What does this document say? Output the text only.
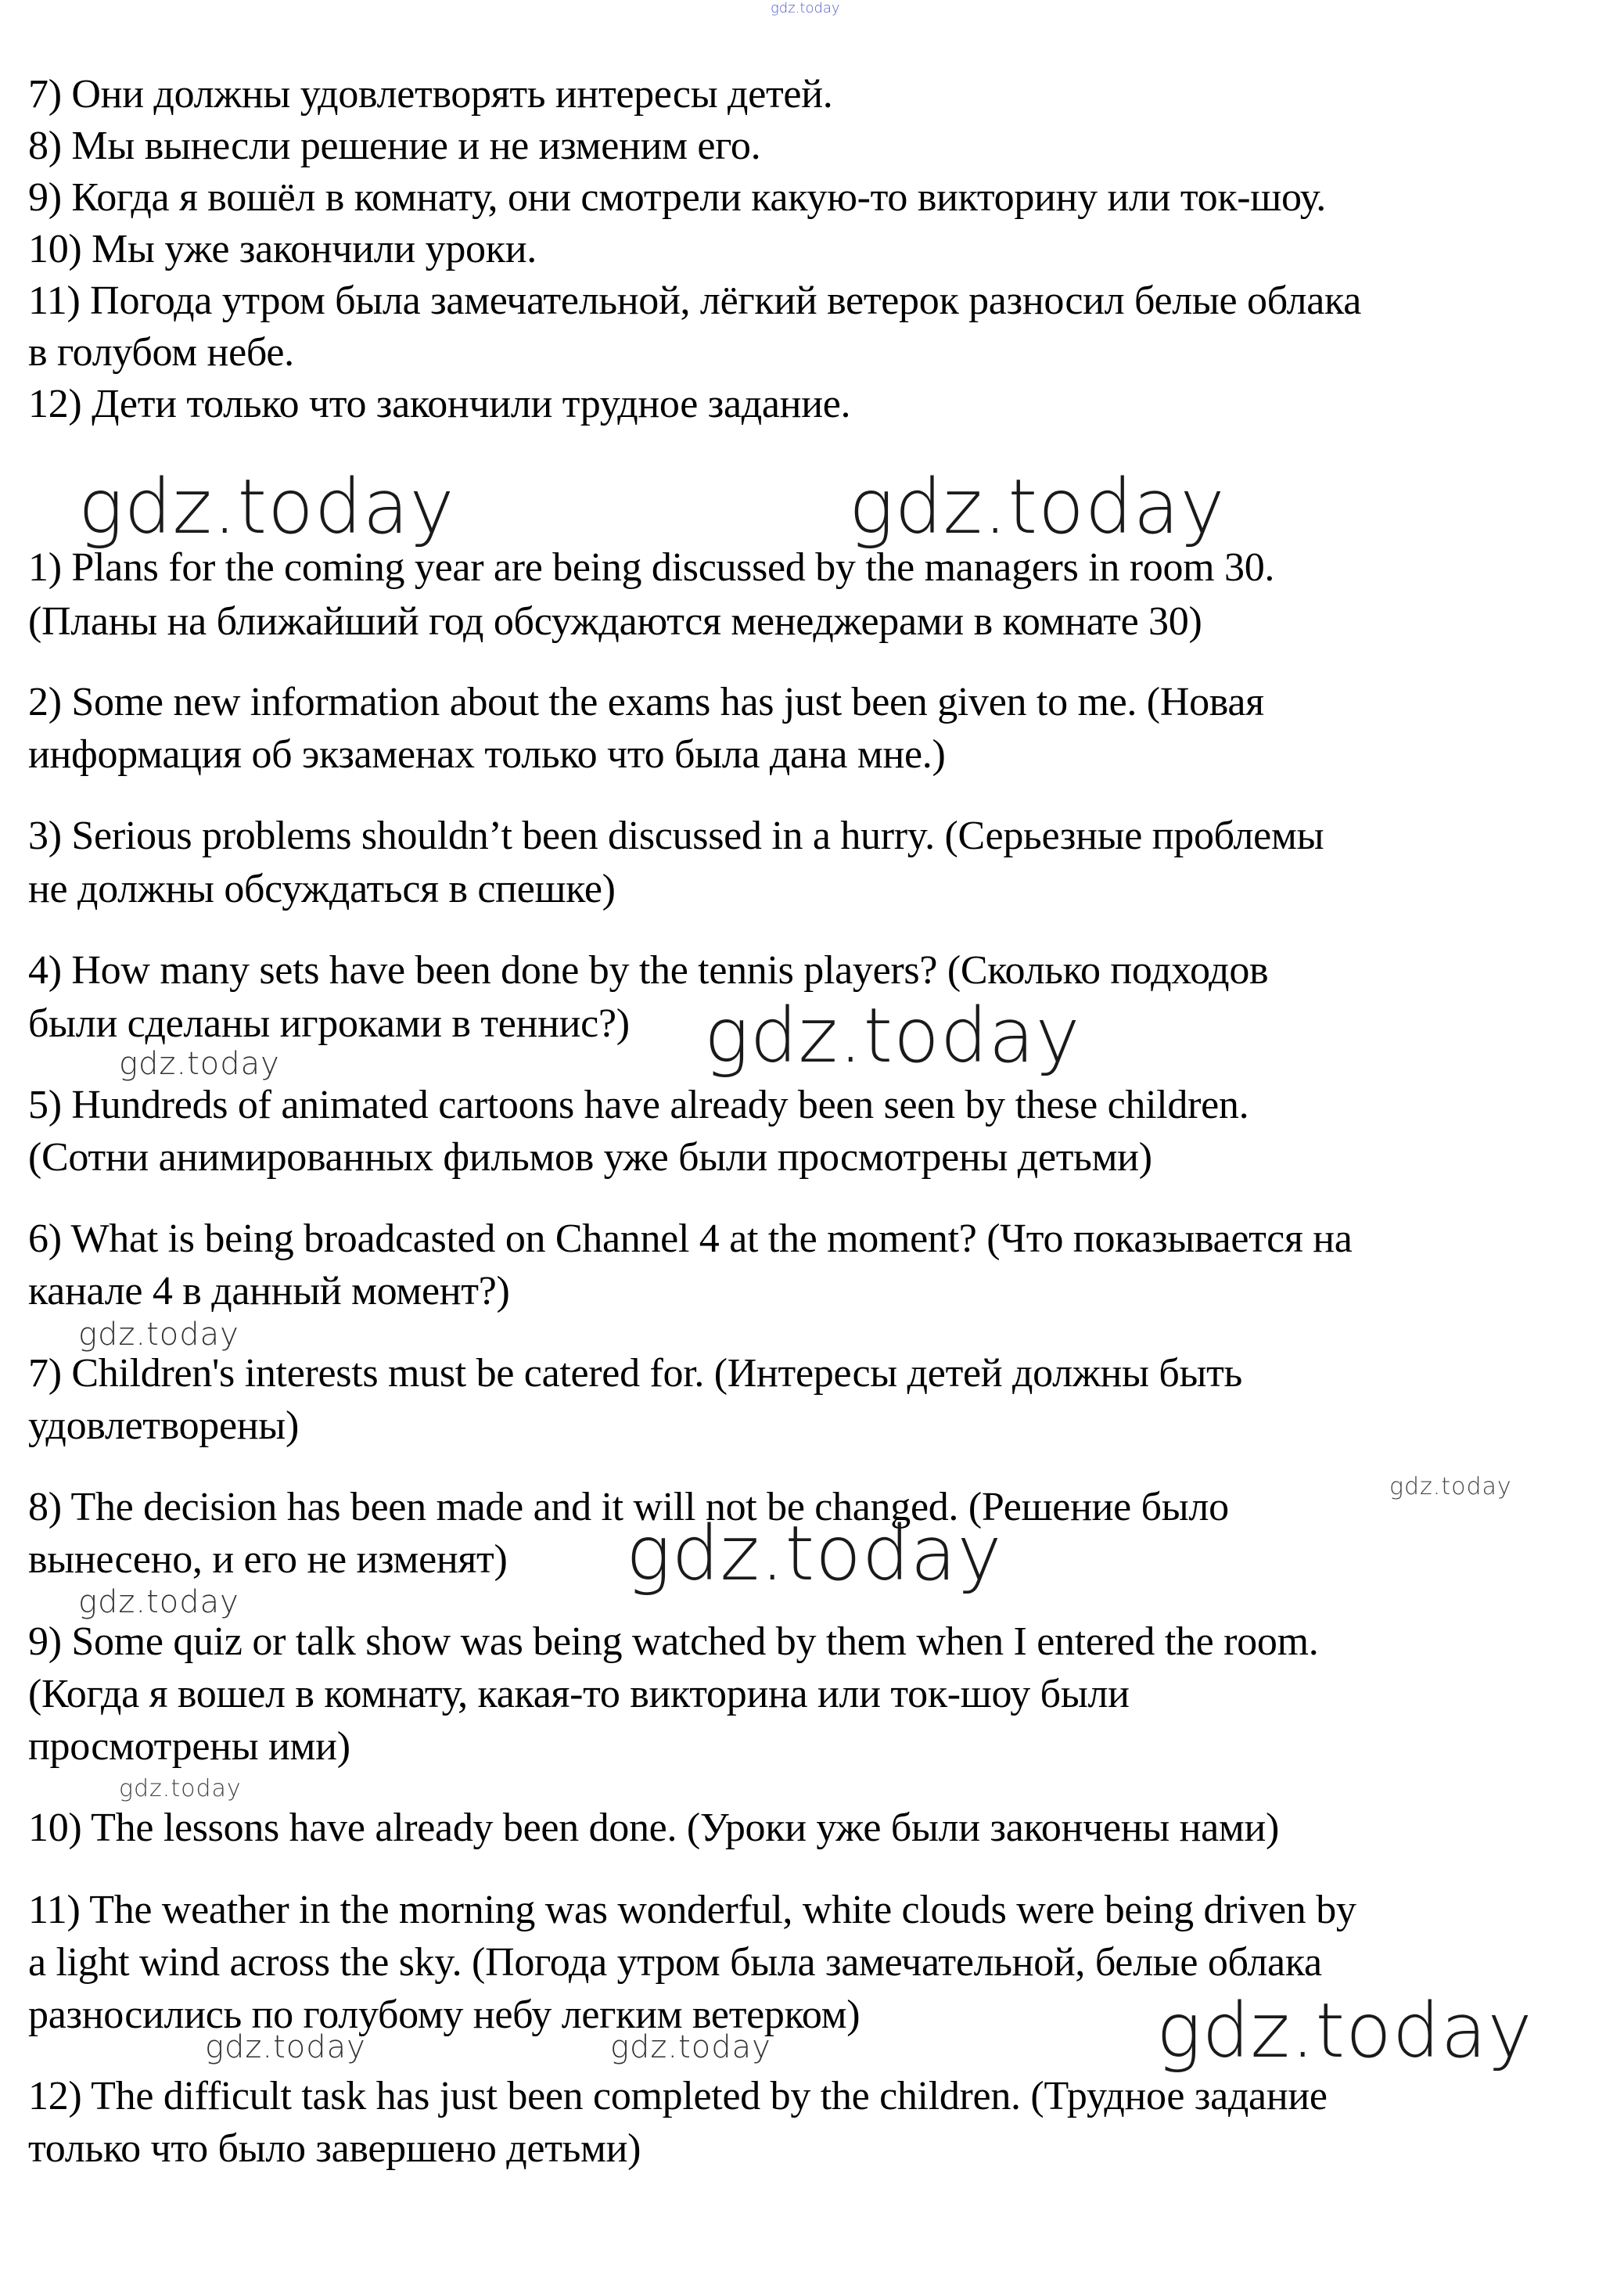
gdz.today
7) Они должны удовлетворять интересы детей.
8) Мы вынесли решение и не изменим его.
9) Когда я вошёл в комнату, они смотрели какую-то викторину или ток-шоу.
10) Мы уже закончили уроки.
11) Погода утром была замечательной, лёгкий ветерок разносил белые облака
в голубом небе.
12) Дети только что закончили трудное задание.
gdz.today	gdz.today
1) Plans for the coming year are being discussed by the managers in room 30.
(Планы на ближайший год обсуждаются менеджерами в комнате 30)
2) Some new information about the exams has just been given to me. (Новая
информация об экзаменах только что была дана мне.)
3) Serious problems shouldn’t been discussed in a hurry. (Серьезные проблемы
не должны обсуждаться в спешке)
4) How many sets have been done by the tennis players? (Сколько подходов
были сделаны игроками в теннис?)
5) Hundreds of animated cartoons have already been seen by these children.
(Сотни анимированных фильмов уже были просмотрены детьми)
6) What is being broadcasted on Channel 4 at the moment? (Что показывается на
канале 4 в данный момент?)
7) Children's interests must be catered for. (Интересы детей должны быть
удовлетворены)
8) The decision has been made and it will not be changed. (Решение было
вынесено, и его не изменят)
9) Some quiz or talk show was being watched by them when I entered the room.
(Когда я вошел в комнату, какая-то викторина или ток-шоу были
просмотрены ими)
10) The lessons have already been done. (Уроки уже были закончены нами)
11) The weather in the morning was wonderful, white clouds were being driven by
a light wind across the sky. (Погода утром была замечательной, белые облака
разносились по голубому небу легким ветерком)
12) The difficult task has just been completed by the children. (Трудное задание
только что было завершено детьми)
gdz.today
gdz.today
gdz.today
gdz.today
gdz.today
gdz.today
gdz.today
gdz.today
gdz.today	gdz.today
